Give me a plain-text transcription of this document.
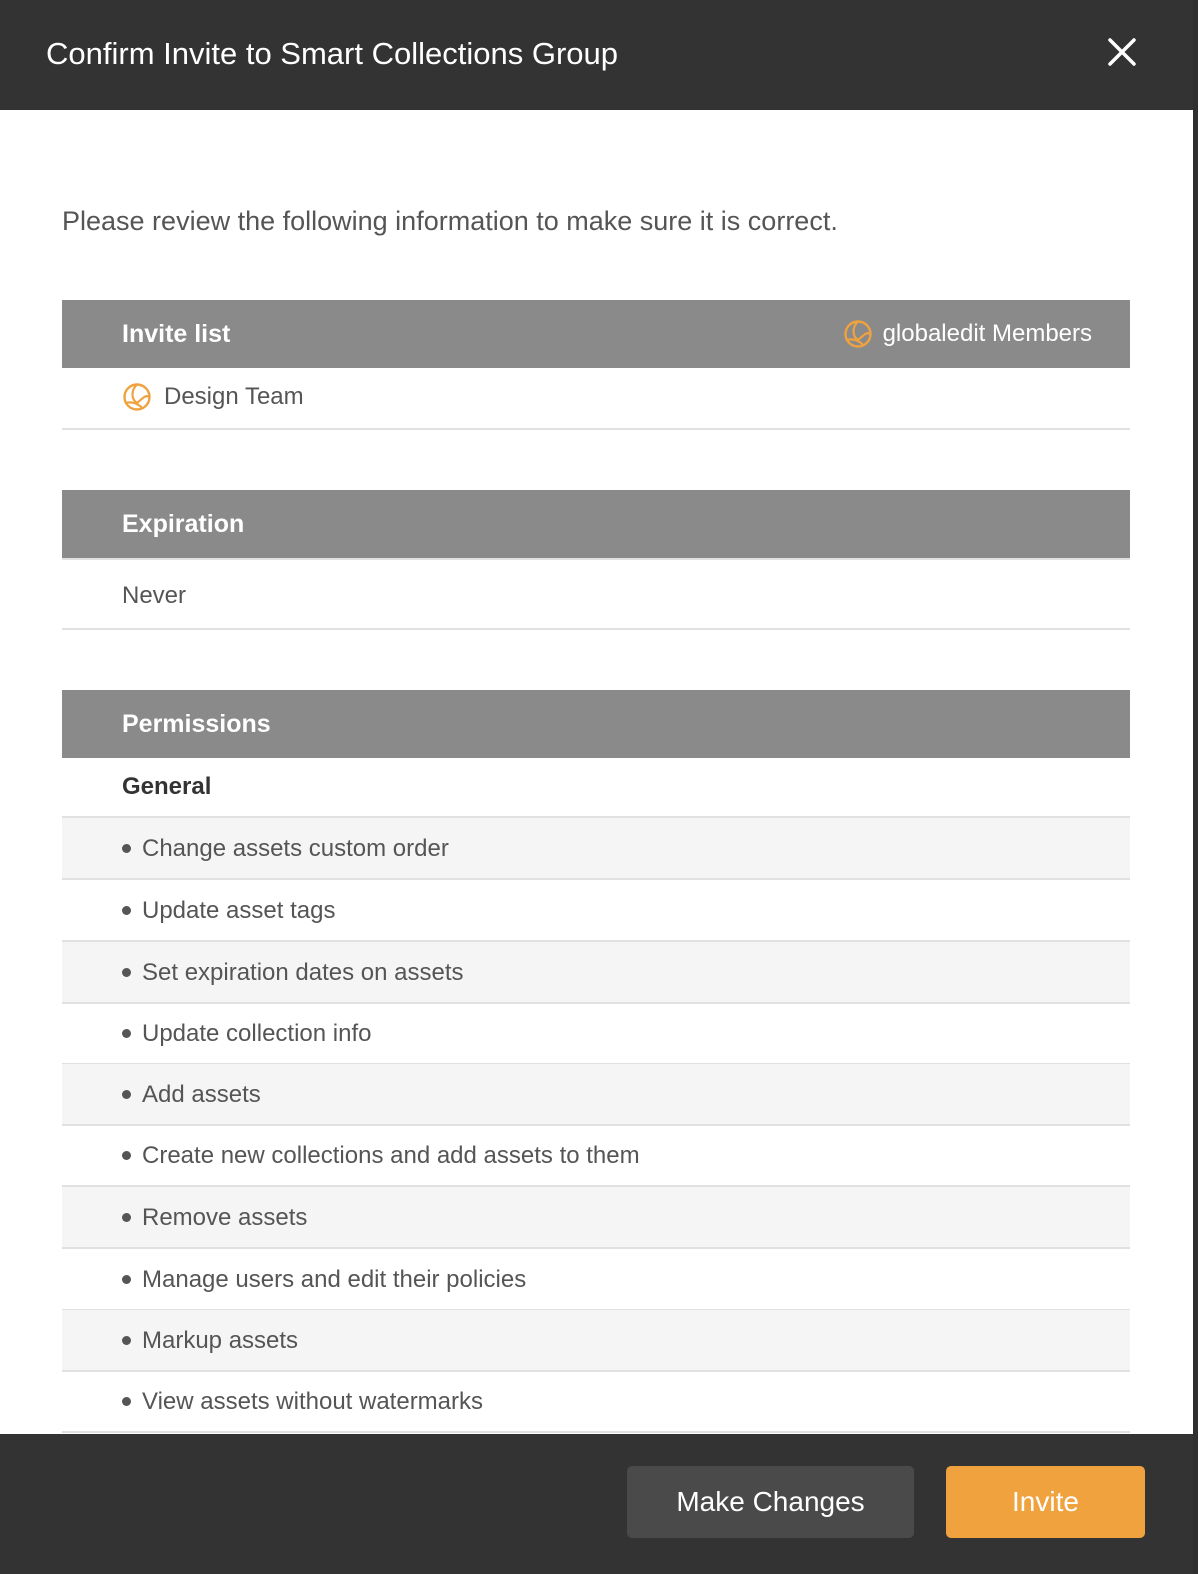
Confirm Invite to Smart Collections Group
Please review the following information to make sure it is correct.
Invite list	globaledit Members
Design Team
Expiration
Never
Permissions
General
Change assets custom order
Update asset tags
Set expiration dates on assets
Update collection info
Add assets
Create new collections and add assets to them
Remove assets
Manage users and edit their policies
Markup assets
View assets without watermarks
Make Changes	Invite
